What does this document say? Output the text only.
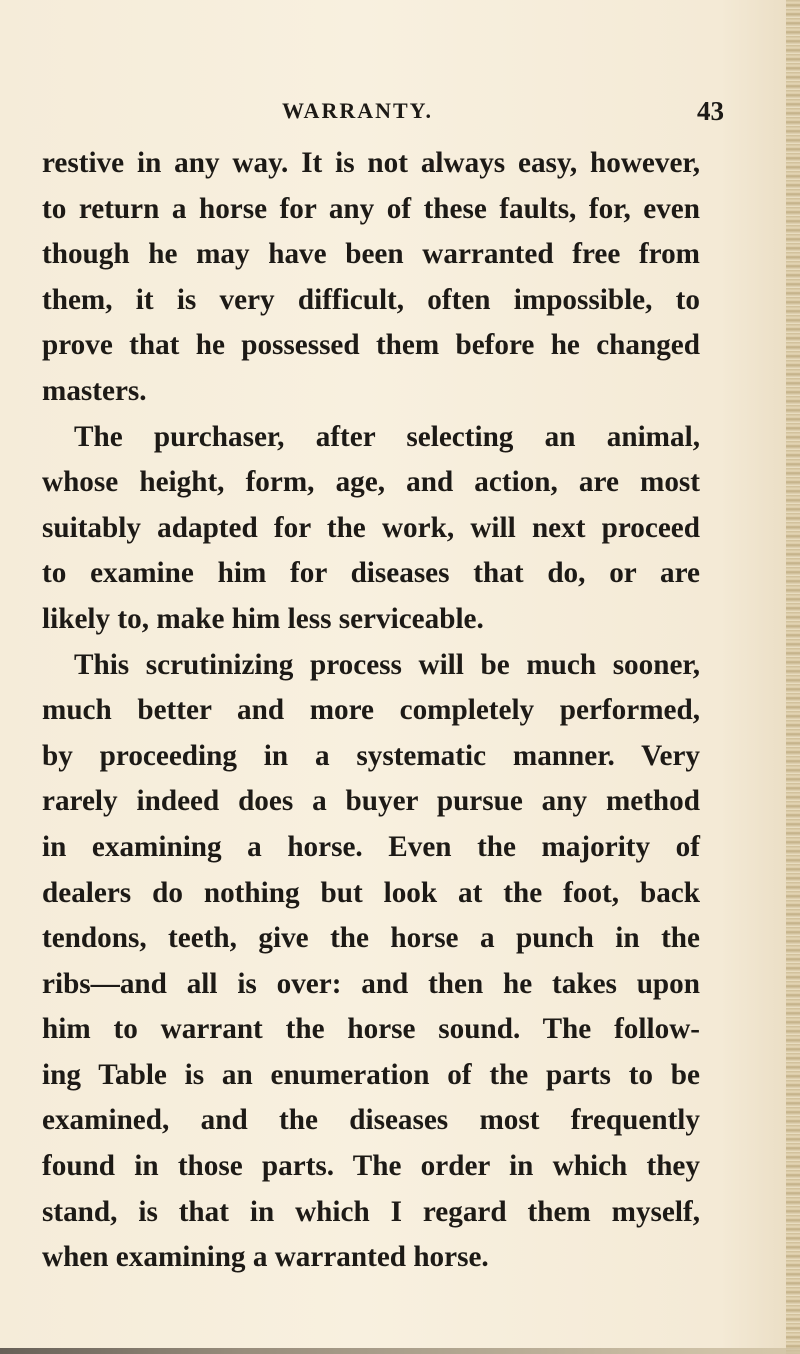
WARRANTY.	43
restive in any way. It is not always easy, however,
to return a horse for any of these faults, for, even
though he may have been warranted free from
them, it is very difficult, often impossible, to
prove that he possessed them before he changed
masters.
The purchaser, after selecting an animal,
whose height, form, age, and action, are most
suitably adapted for the work, will next proceed
to examine him for diseases that do, or are
likely to, make him less serviceable.
This scrutinizing process will be much sooner,
much better and more completely performed,
by proceeding in a systematic manner. Very
rarely indeed does a buyer pursue any method
in examining a horse. Even the majority of
dealers do nothing but look at the foot, back
tendons, teeth, give the horse a punch in the
ribs—and all is over: and then he takes upon
him to warrant the horse sound. The follow-
ing Table is an enumeration of the parts to be
examined, and the diseases most frequently
found in those parts. The order in which they
stand, is that in which I regard them myself,
when examining a warranted horse.
